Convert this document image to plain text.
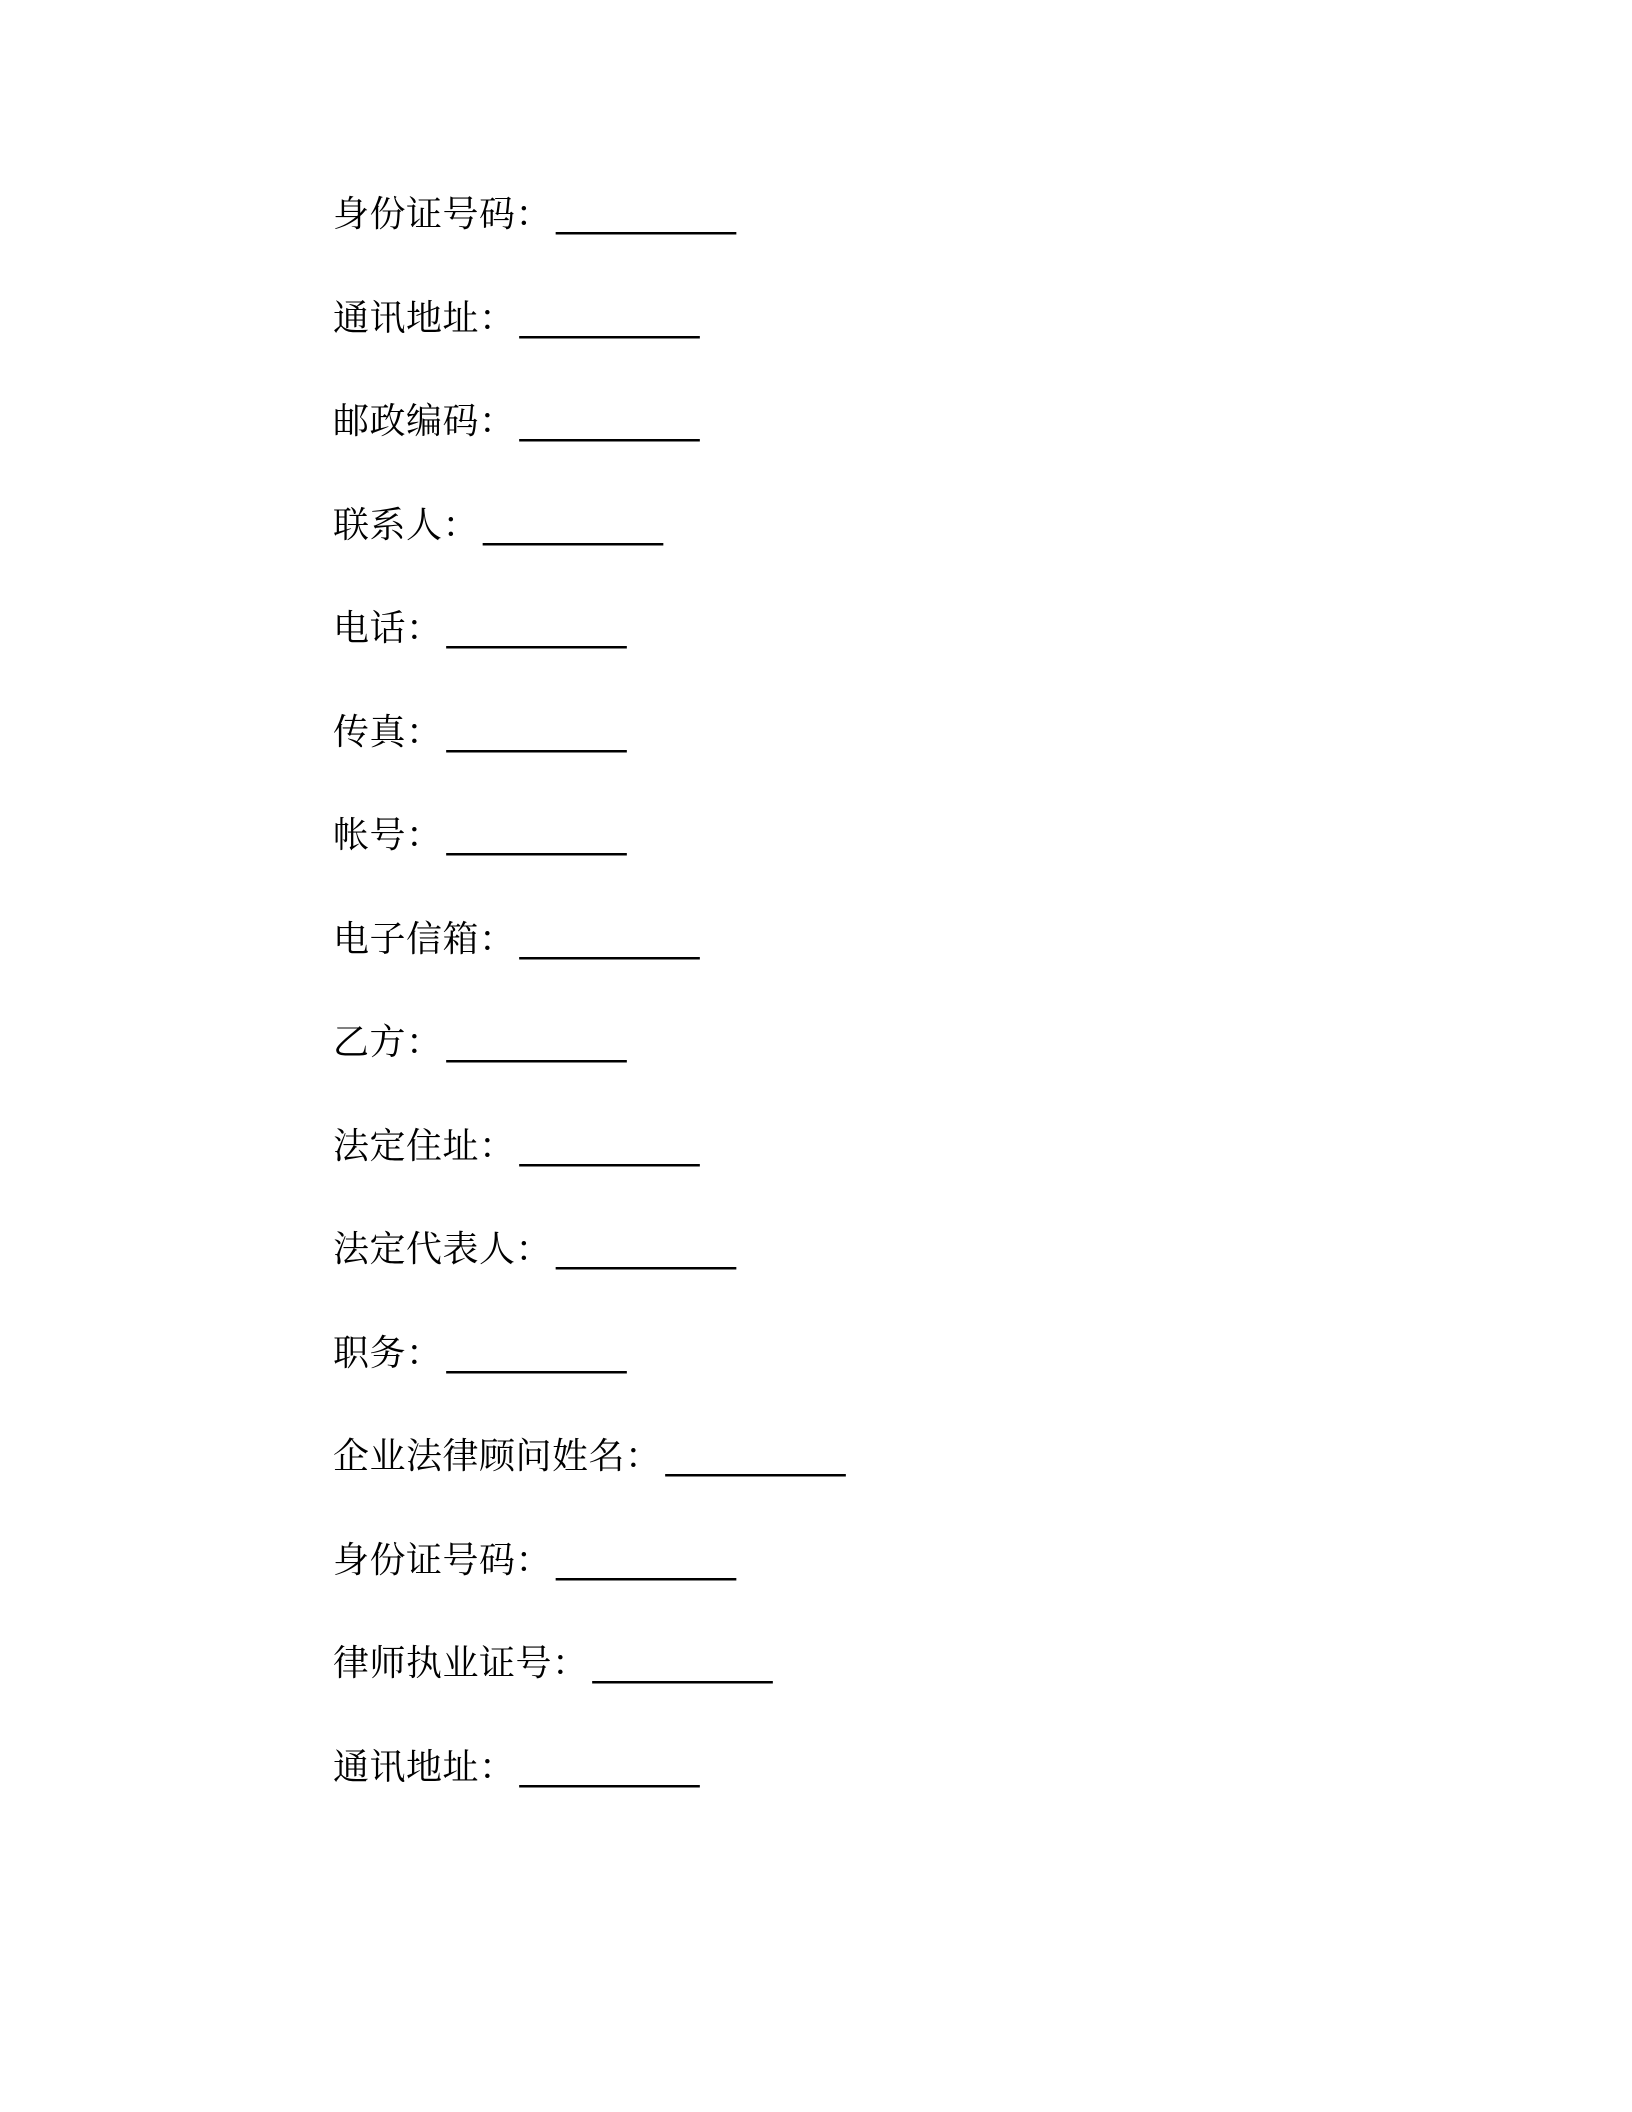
身份证号码： __________
通讯地址： __________
邮政编码： __________
联系人： __________
电话： __________
传真： __________
帐号： __________
电子信箱： __________
乙方： __________
法定住址： __________
法定代表人： __________
职务： __________
企业法律顾问姓名： __________
身份证号码： __________
律师执业证号： __________
通讯地址： __________
